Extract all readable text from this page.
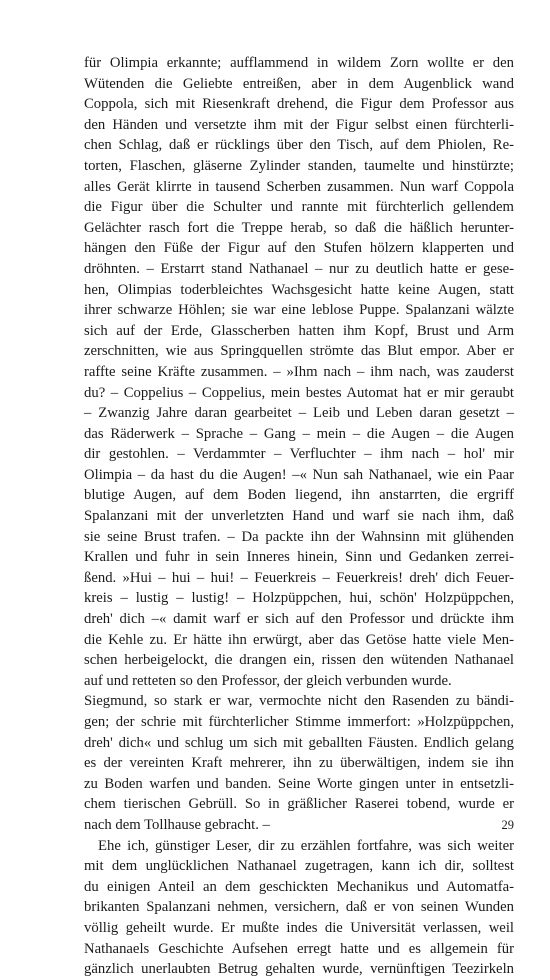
für Olimpia erkannte; aufflammend in wildem Zorn wollte er den
Wütenden die Geliebte entreißen, aber in dem Augenblick wand
Coppola, sich mit Riesenkraft drehend, die Figur dem Professor aus
den Händen und versetzte ihm mit der Figur selbst einen fürchterli-
chen Schlag, daß er rücklings über den Tisch, auf dem Phiolen, Re-
torten, Flaschen, gläserne Zylinder standen, taumelte und hinstürzte;
alles Gerät klirrte in tausend Scherben zusammen. Nun warf Coppola
die Figur über die Schulter und rannte mit fürchterlich gellendem
Gelächter rasch fort die Treppe herab, so daß die häßlich herunter-
hängen den Füße der Figur auf den Stufen hölzern klapperten und
dröhnten. – Erstarrt stand Nathanael – nur zu deutlich hatte er gese-
hen, Olimpias toderbleichtes Wachsgesicht hatte keine Augen, statt
ihrer schwarze Höhlen; sie war eine leblose Puppe. Spalanzani wälzte
sich auf der Erde, Glasscherben hatten ihm Kopf, Brust und Arm
zerschnitten, wie aus Springquellen strömte das Blut empor. Aber er
raffte seine Kräfte zusammen. – »Ihm nach – ihm nach, was zauderst
du? – Coppelius – Coppelius, mein bestes Automat hat er mir geraubt
– Zwanzig Jahre daran gearbeitet – Leib und Leben daran gesetzt –
das Räderwerk – Sprache – Gang – mein – die Augen – die Augen
dir gestohlen. – Verdammter – Verfluchter – ihm nach – hol' mir
Olimpia – da hast du die Augen! –« Nun sah Nathanael, wie ein Paar
blutige Augen, auf dem Boden liegend, ihn anstarrten, die ergriff
Spalanzani mit der unverletzten Hand und warf sie nach ihm, daß
sie seine Brust trafen. – Da packte ihn der Wahnsinn mit glühenden
Krallen und fuhr in sein Inneres hinein, Sinn und Gedanken zerrei-
ßend. »Hui – hui – hui! – Feuerkreis – Feuerkreis! dreh' dich Feuer-
kreis – lustig – lustig! – Holzpüppchen, hui, schön' Holzpüppchen,
dreh' dich –« damit warf er sich auf den Professor und drückte ihm
die Kehle zu. Er hätte ihn erwürgt, aber das Getöse hatte viele Men-
schen herbeigelockt, die drangen ein, rissen den wütenden Nathanael
auf und retteten so den Professor, der gleich verbunden wurde.
Siegmund, so stark er war, vermochte nicht den Rasenden zu bändi-
gen; der schrie mit fürchterlicher Stimme immerfort: »Holzpüppchen,
dreh' dich« und schlug um sich mit geballten Fäusten. Endlich gelang
es der vereinten Kraft mehrerer, ihn zu überwältigen, indem sie ihn
zu Boden warfen und banden. Seine Worte gingen unter in entsetzli-
chem tierischen Gebrüll. So in gräßlicher Raserei tobend, wurde er
nach dem Tollhause gebracht. –
Ehe ich, günstiger Leser, dir zu erzählen fortfahre, was sich weiter
mit dem unglücklichen Nathanael zugetragen, kann ich dir, solltest
du einigen Anteil an dem geschickten Mechanikus und Automatfa-
brikanten Spalanzani nehmen, versichern, daß er von seinen Wunden
völlig geheilt wurde. Er mußte indes die Universität verlassen, weil
Nathanaels Geschichte Aufsehen erregt hatte und es allgemein für
gänzlich unerlaubten Betrug gehalten wurde, vernünftigen Teezirkeln
29
